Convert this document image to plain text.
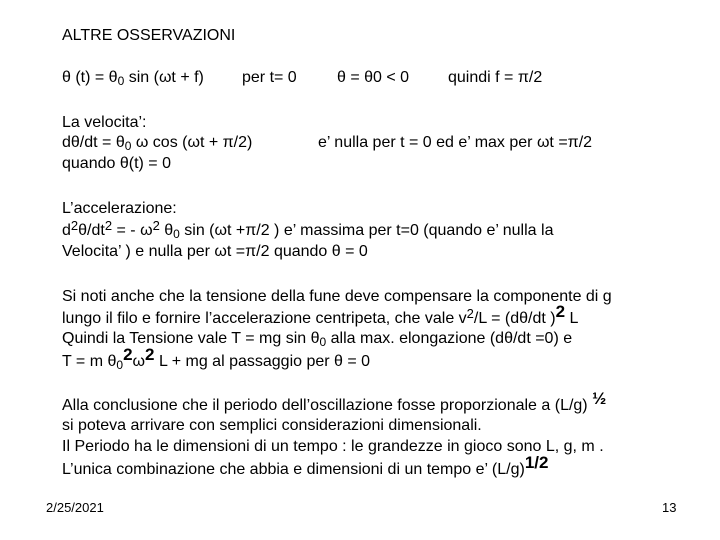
ALTRE OSSERVAZIONI
θ (t) = θ0 sin (ωt + f) per t= 0	θ = θ0 < 0 quindi f = π/2
La velocita’:
dθ/dt = θ0 ω cos (ωt + π/2)	e’ nulla per t = 0 ed e’ max per ωt =π/2
quando θ(t) = 0
L’accelerazione:
$d^2\theta/dt^2$ = - $\omega^2$ θ0 sin (ωt +π/2 ) e’ massima per t=0 (quando e’ nulla la
Velocita’ ) e nulla per ωt =π/2 quando θ = 0
Si noti anche che la tensione della fune deve compensare la componente di g
lungo il filo e fornire l’accelerazione centripeta, che vale $v^2/L = (d\theta/dt$ )2 L
Quindi la Tensione vale T = mg sin θ0 alla max. elongazione (dθ/dt =0) e
T = m θ02ω2 L + mg al passaggio per θ = 0
Alla conclusione che il periodo dell’oscillazione fosse proporzionale a (L/g) ½
si poteva arrivare con semplici considerazioni dimensionali.
Il Periodo ha le dimensioni di un tempo : le grandezze in gioco sono L, g, m .
L’unica combinazione che abbia e dimensioni di un tempo e’ (L/g)1/2
2/25/2021	13
